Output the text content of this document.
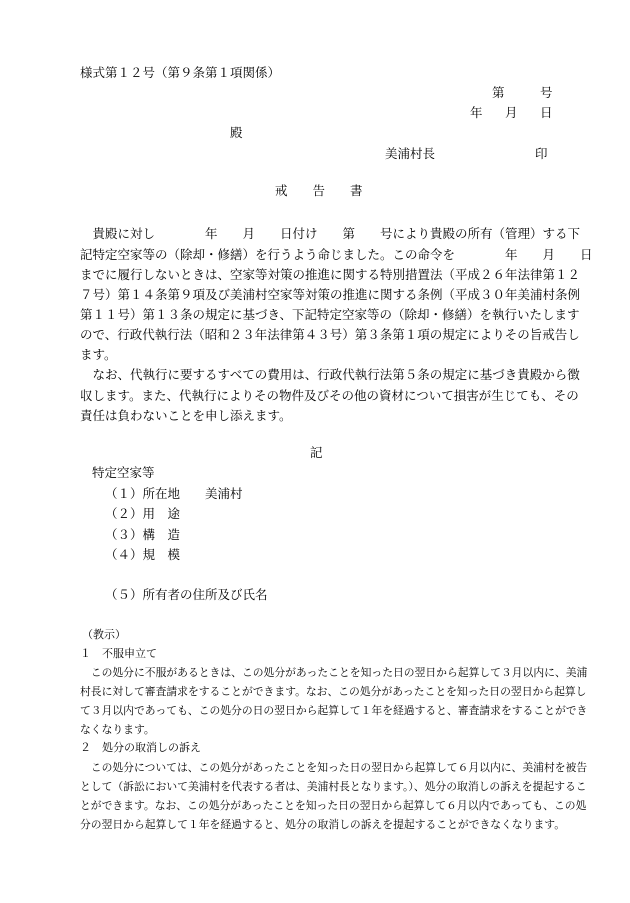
様式第１２号（第９条第１項関係）
第	号
年 月 日
殿
美浦村長	印
戒　　告　　書
　貴殿に対し　　　　年　　月　　日付け　　第　　号により貴殿の所有（管理）する下
記特定空家等の（除却・修繕）を行うよう命じました。この命令を　　　　年　　月　　日
までに履行しないときは、空家等対策の推進に関する特別措置法（平成２６年法律第１２
７号）第１４条第９項及び美浦村空家等対策の推進に関する条例（平成３０年美浦村条例
第１１号）第１３条の規定に基づき、下記特定空家等の（除却・修繕）を執行いたします
ので、行政代執行法（昭和２３年法律第４３号）第３条第１項の規定によりその旨戒告し
ます。
　なお、代執行に要するすべての費用は、行政代執行法第５条の規定に基づき貴殿から徴
収します。また、代執行によりその物件及びその他の資材について損害が生じても、その
責任は負わないことを申し添えます。
記
特定空家等
（１）所在地　　美浦村
（２）用　途
（３）構　造
（４）規　模
（５）所有者の住所及び氏名
（教示）
１　不服申立て
　この処分に不服があるときは、この処分があったことを知った日の翌日から起算して３月以内に、美浦
村長に対して審査請求をすることができます。なお、この処分があったことを知った日の翌日から起算し
て３月以内であっても、この処分の日の翌日から起算して１年を経過すると、審査請求をすることができ
なくなります。
２　処分の取消しの訴え
　この処分については、この処分があったことを知った日の翌日から起算して６月以内に、美浦村を被告
として（訴訟において美浦村を代表する者は、美浦村長となります。）、処分の取消しの訴えを提起するこ
とができます。なお、この処分があったことを知った日の翌日から起算して６月以内であっても、この処
分の翌日から起算して１年を経過すると、処分の取消しの訴えを提起することができなくなります。
